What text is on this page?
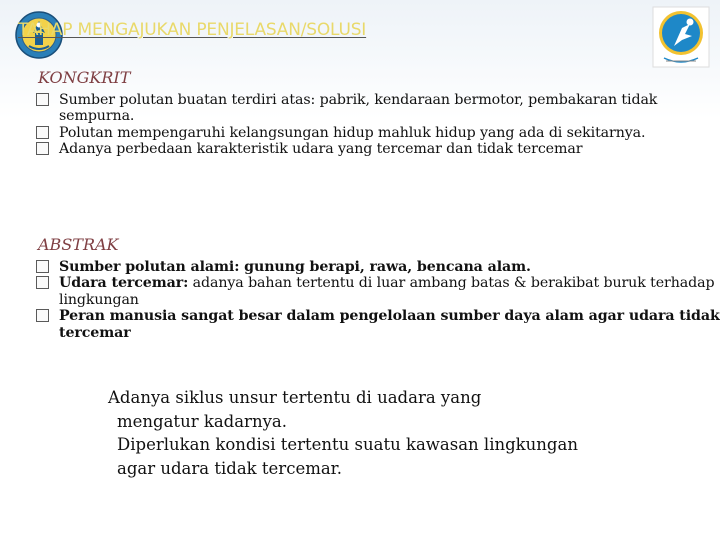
TAHAP MENGAJUKAN PENJELASAN/SOLUSI
KONGKRIT
Sumber polutan buatan terdiri atas: pabrik, kendaraan bermotor, pembakaran tidak sempurna.
Polutan mempengaruhi kelangsungan hidup mahluk hidup yang ada di sekitarnya.
Adanya perbedaan karakteristik udara yang tercemar dan tidak tercemar
ABSTRAK
Sumber polutan alami: gunung berapi, rawa, bencana alam.
Udara tercemar: adanya bahan tertentu di luar ambang batas & berakibat buruk terhadap lingkungan
Peran manusia sangat besar dalam pengelolaan sumber daya alam agar udara tidak tercemar

Adanya siklus unsur tertentu di uadara yang
mengatur kadarnya.
Diperlukan kondisi tertentu suatu kawasan lingkungan
agar udara tidak tercemar.
